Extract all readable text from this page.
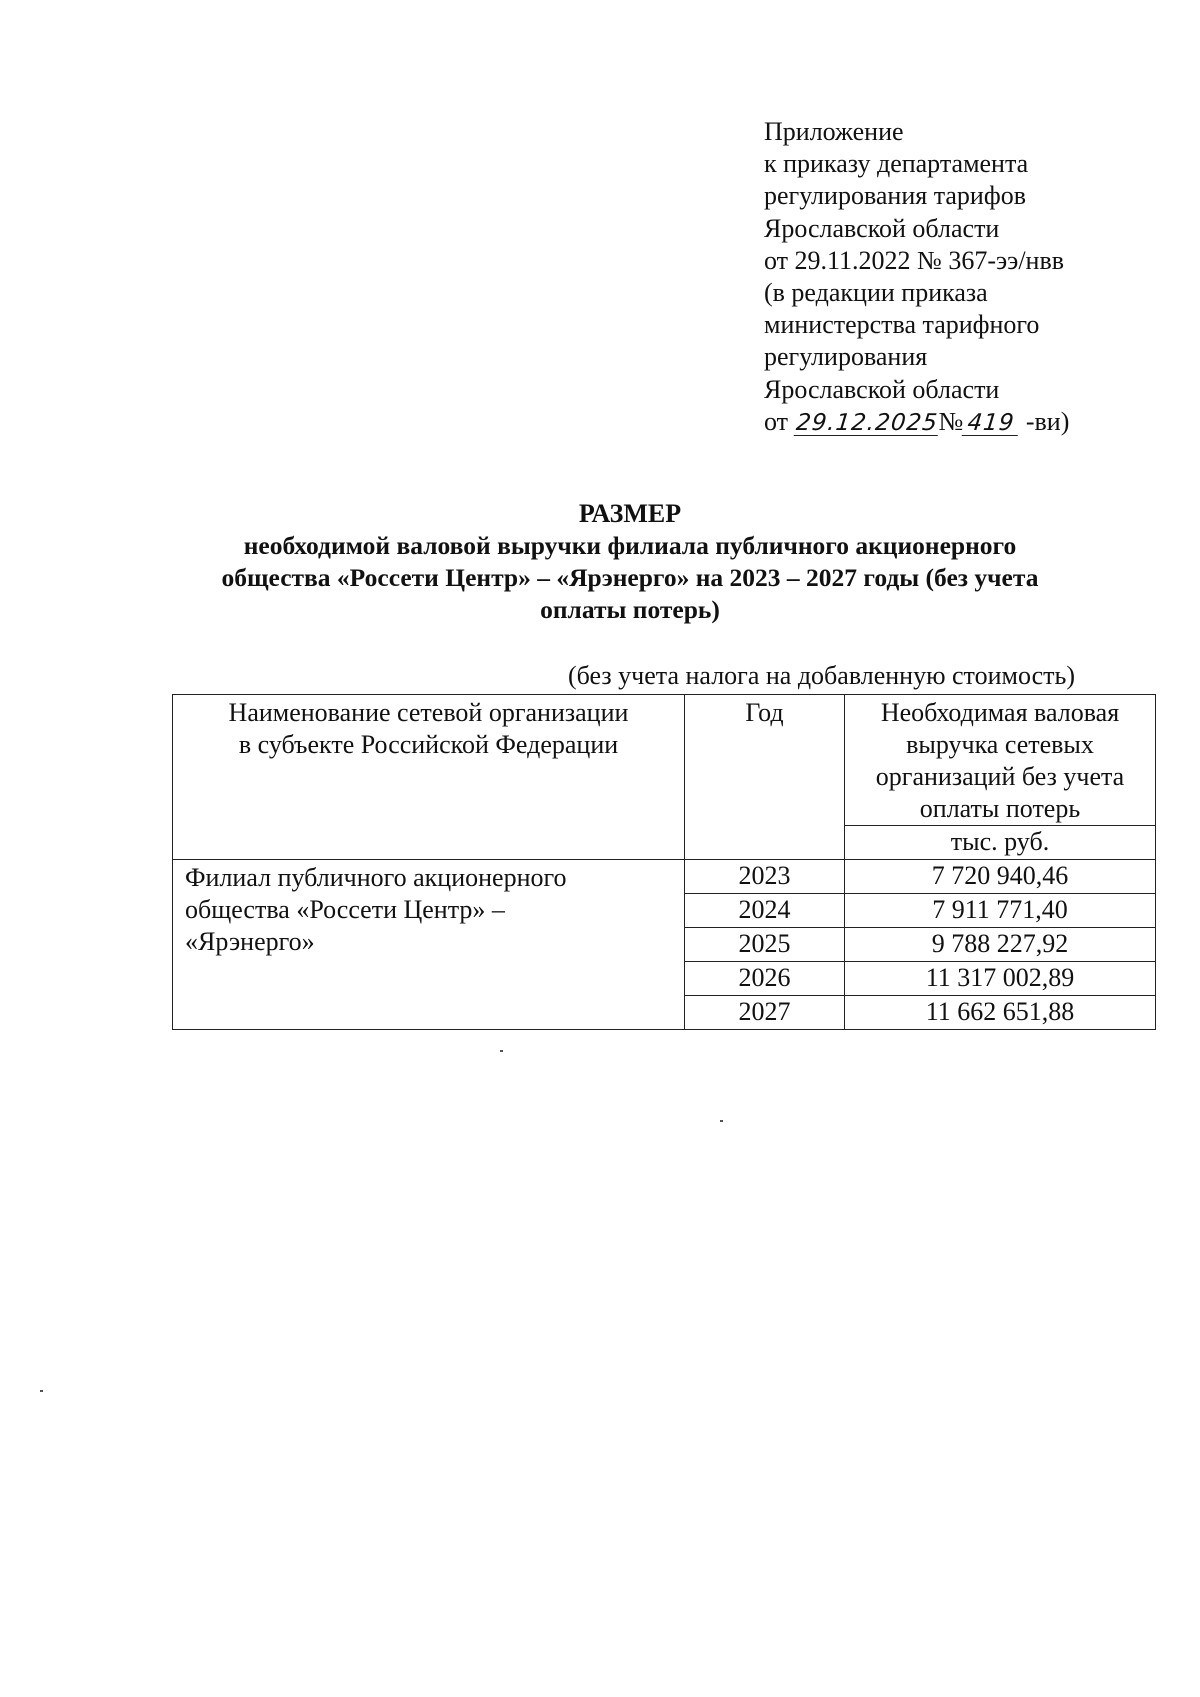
Приложение
к приказу департамента
регулирования тарифов
Ярославской области
от 29.11.2022 № 367-ээ/нвв
(в редакции приказа
министерства тарифного
регулирования
Ярославской области
от 29.12.2025№ 419 -ви)
РАЗМЕР
необходимой валовой выручки филиала публичного акционерного
общества «Россети Центр» – «Ярэнерго» на 2023 – 2027 годы (без учета
оплаты потерь)
(без учета налога на добавленную стоимость)
Наименование сетевой организации
в субъекте Российской Федерации	Год	Необходимая валовая
выручка сетевых
организаций без учета
оплаты потерь

		тыс. руб.

Филиал публичного акционерного
общества «Россети Центр» –
«Ярэнерго»	2023	7 720 940,46
	2024	7 911 771,40
	2025	9 788 227,92
	2026	11 317 002,89
	2027	11 662 651,88
